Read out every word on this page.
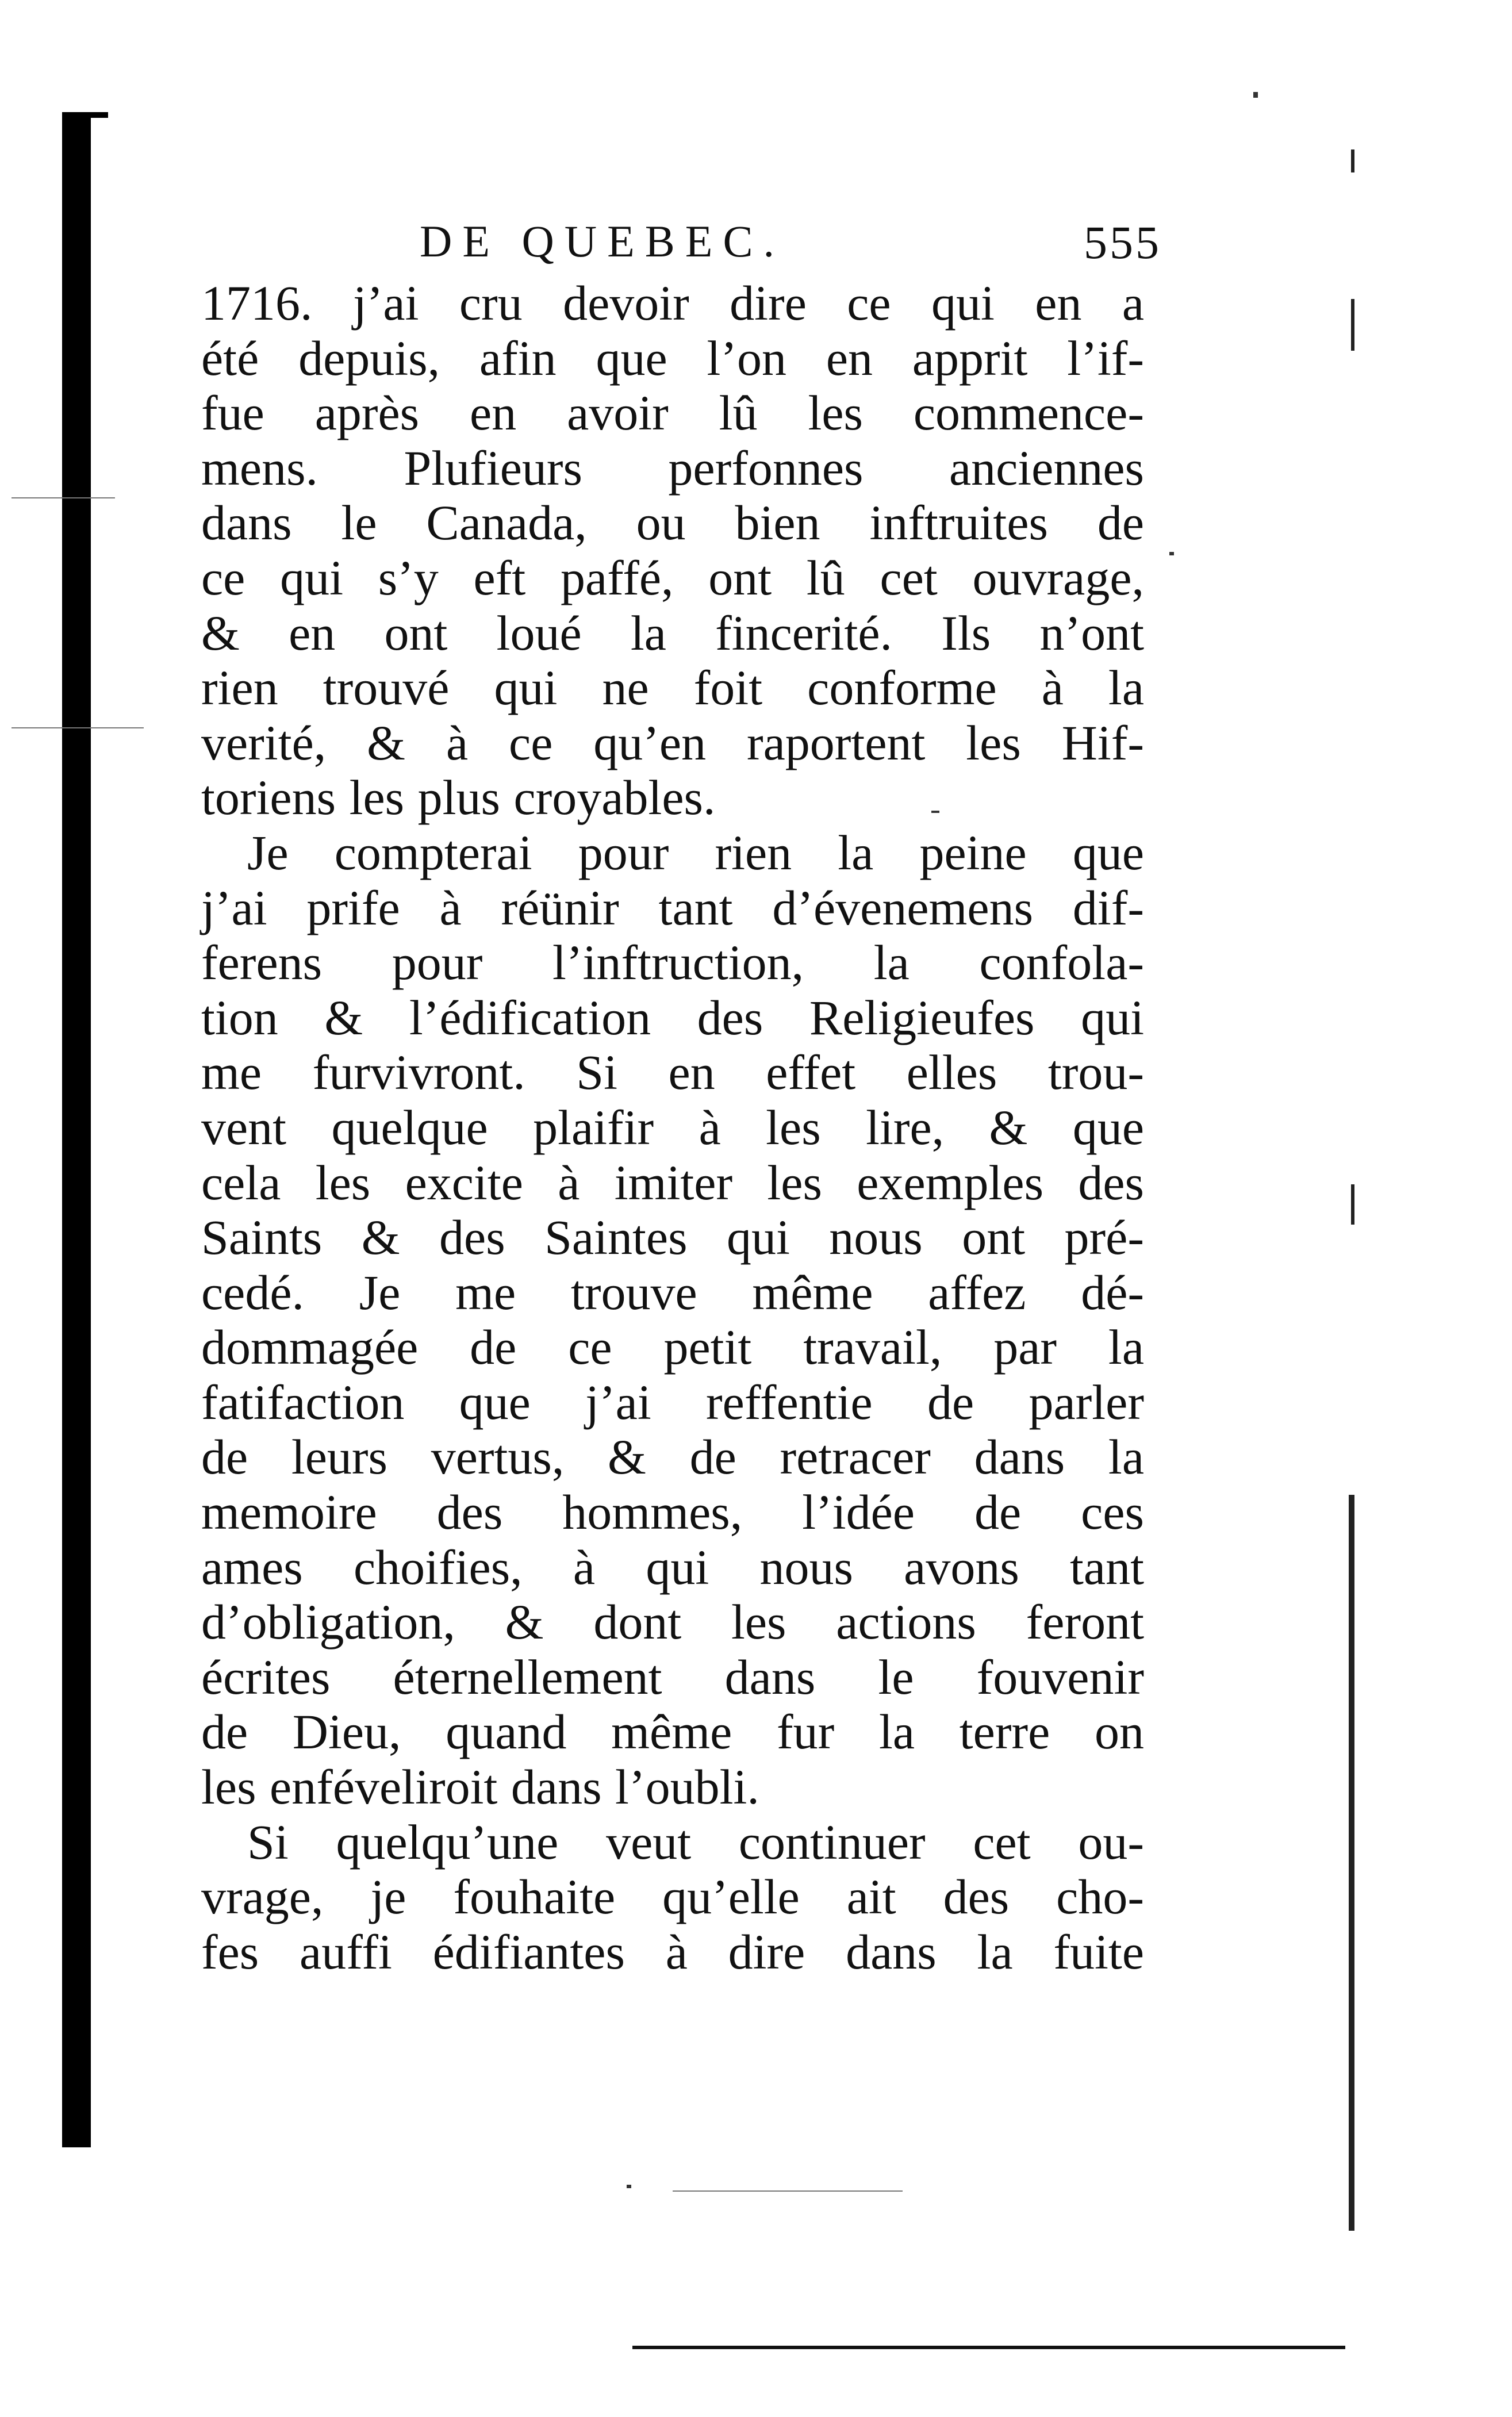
DE QUEBEC.	555
1716. j’ai cru devoir dire ce qui en a
été depuis, afin que l’on en apprit l’if-
fue après en avoir lû les commence-
mens. Plufieurs perfonnes anciennes
dans le Canada, ou bien inftruites de
ce qui s’y eft paffé, ont lû cet ouvrage,
& en ont loué la fincerité. Ils n’ont
rien trouvé qui ne foit conforme à la
verité, & à ce qu’en raportent les Hif-
toriens les plus croyables.
Je compterai pour rien la peine que
j’ai prife à réünir tant d’évenemens dif-
ferens pour l’inftruction, la confola-
tion & l’édification des Religieufes qui
me furvivront. Si en effet elles trou-
vent quelque plaifir à les lire, & que
cela les excite à imiter les exemples des
Saints & des Saintes qui nous ont pré-
cedé. Je me trouve même affez dé-
dommagée de ce petit travail, par la
fatifaction que j’ai reffentie de parler
de leurs vertus, & de retracer dans la
memoire des hommes, l’idée de ces
ames choifies, à qui nous avons tant
d’obligation, & dont les actions feront
écrites éternellement dans le fouvenir
de Dieu, quand même fur la terre on
les enféveliroit dans l’oubli.
Si quelqu’une veut continuer cet ou-
vrage, je fouhaite qu’elle ait des cho-
fes auffi édifiantes à dire dans la fuite
